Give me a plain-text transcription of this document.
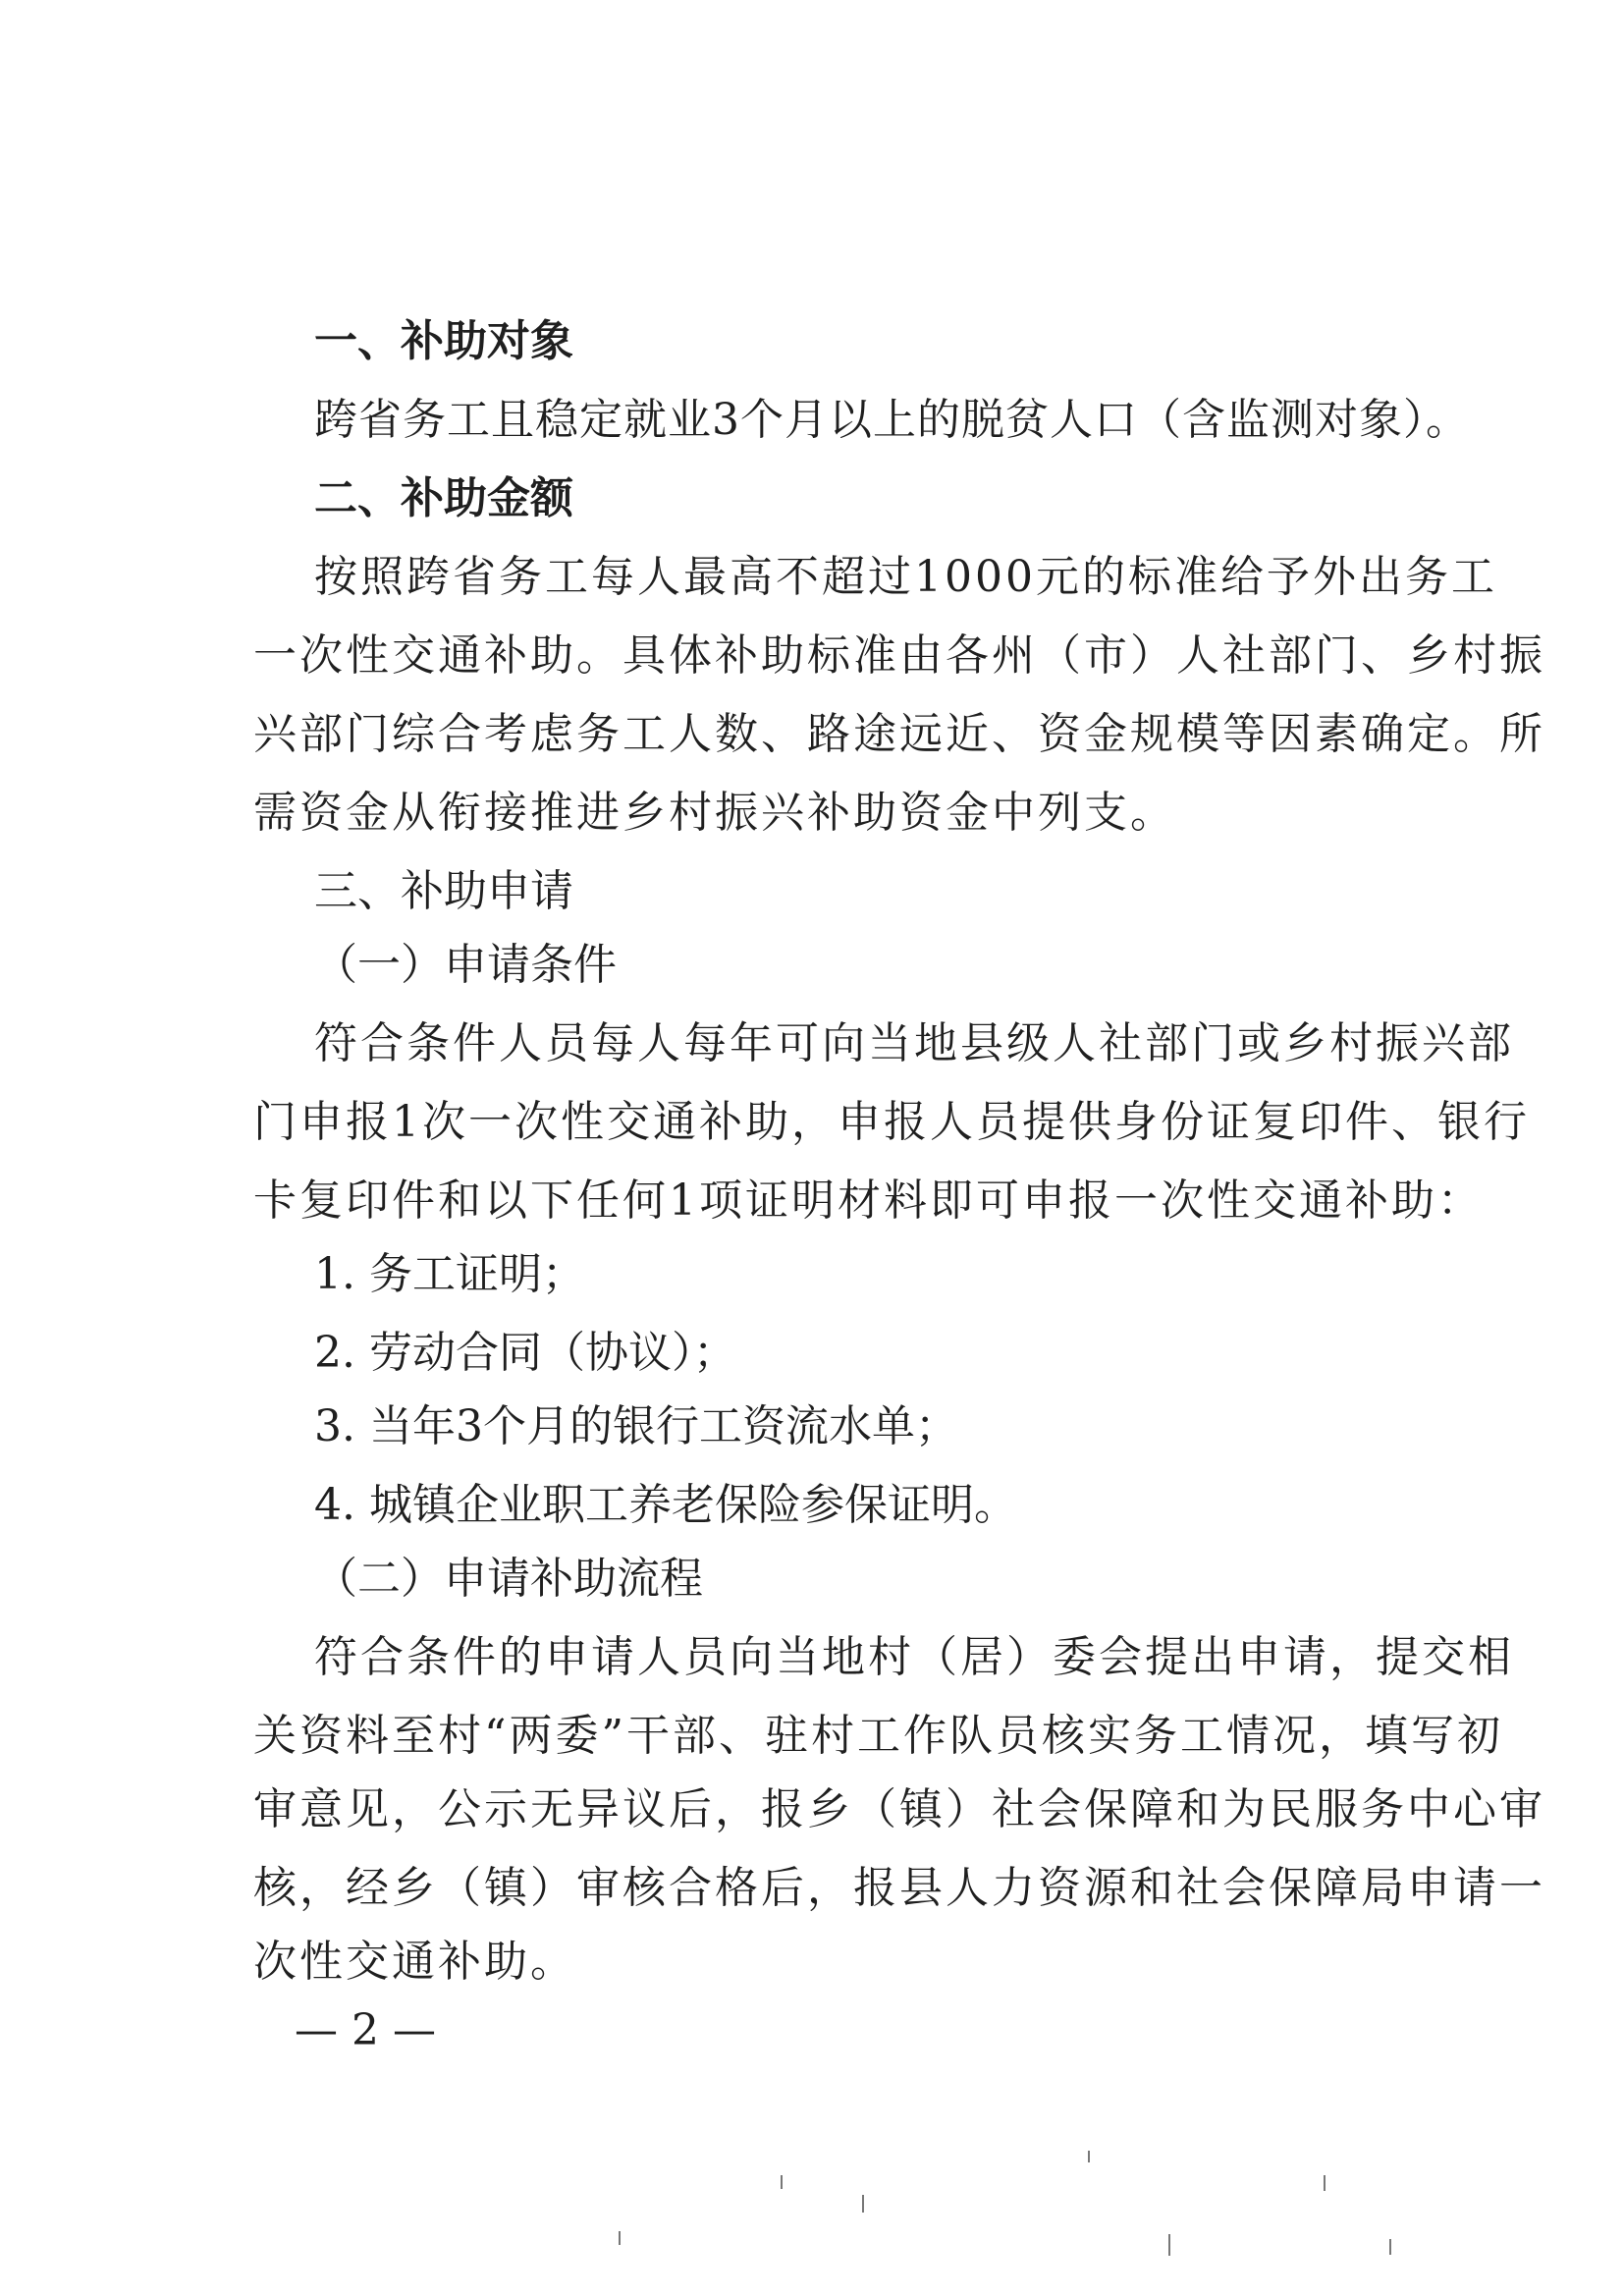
一、补助对象
跨省务工且稳定就业3个月以上的脱贫人口（含监测对象）。
二、补助金额
按照跨省务工每人最高不超过1000元的标准给予外出务工
一次性交通补助。具体补助标准由各州（市）人社部门、乡村振
兴部门综合考虑务工人数、路途远近、资金规模等因素确定。所
需资金从衔接推进乡村振兴补助资金中列支。
三、补助申请
（一）申请条件
符合条件人员每人每年可向当地县级人社部门或乡村振兴部
门申报1次一次性交通补助，申报人员提供身份证复印件、银行
卡复印件和以下任何1项证明材料即可申报一次性交通补助：
1. 务工证明；
2. 劳动合同（协议）；
3. 当年3个月的银行工资流水单；
4. 城镇企业职工养老保险参保证明。
（二）申请补助流程
符合条件的申请人员向当地村（居）委会提出申请，提交相
关资料至村“两委”干部、驻村工作队员核实务工情况，填写初
审意见，公示无异议后，报乡（镇）社会保障和为民服务中心审
核，经乡（镇）审核合格后，报县人力资源和社会保障局申请一
次性交通补助。
— 2 —
